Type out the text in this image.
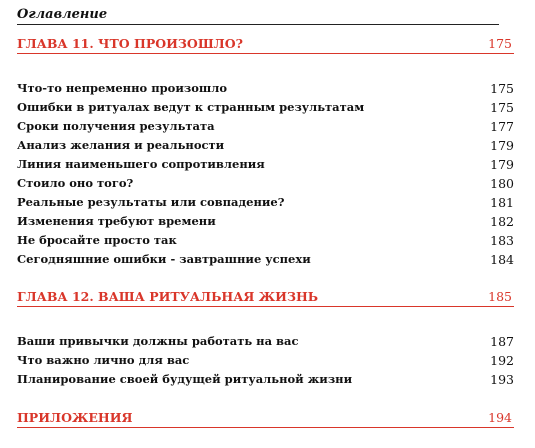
Оглавление
ГЛАВА 11. ЧТО ПРОИЗОШЛО?	175
Что-то непременно произошло	175
Ошибки в ритуалах ведут к странным результатам	175
Сроки получения результата	177
Анализ желания и реальности	179
Линия наименьшего сопротивления	179
Стоило оно того?	180
Реальные результаты или совпадение?	181
Изменения требуют времени	182
Не бросайте просто так	183
Сегодняшние ошибки - завтрашние успехи	184
ГЛАВА 12. ВАША РИТУАЛЬНАЯ ЖИЗНЬ	185
Ваши привычки должны работать на вас	187
Что важно лично для вас	192
Планирование своей будущей ритуальной жизни	193
ПРИЛОЖЕНИЯ	194
